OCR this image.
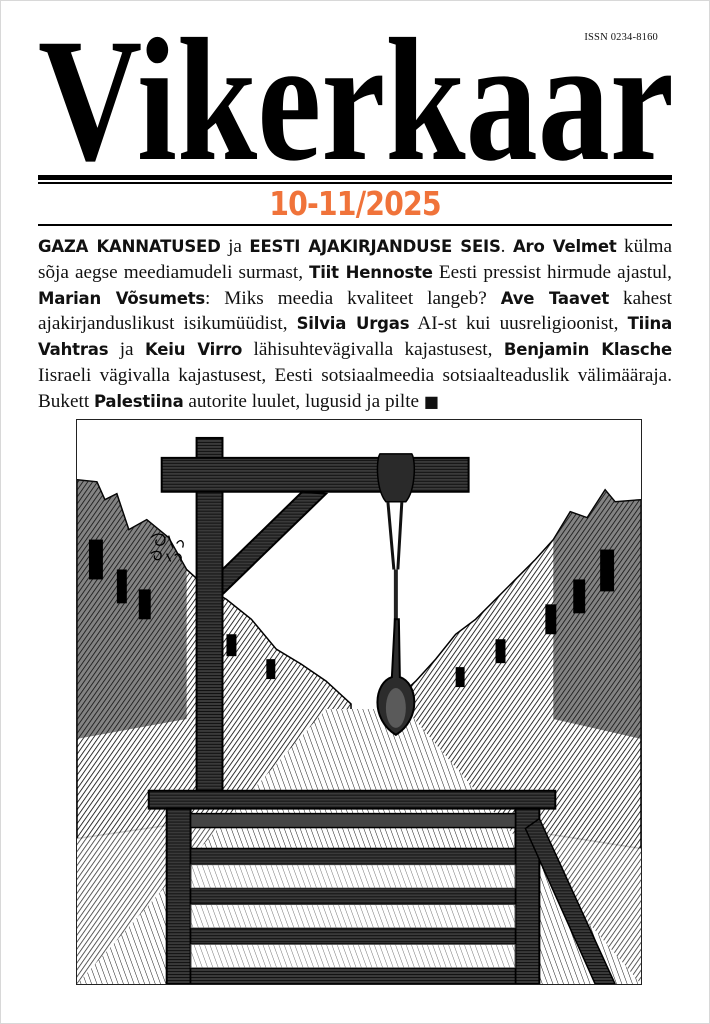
ISSN 0234-8160
Vikerkaar
10-11/2025
GAZA KANNATUSED ja EESTI AJAKIRJANDUSE SEIS. Aro Velmet külma sõja aegse meediamudeli surmast, Tiit Hennoste Eesti pressist hirmude ajastul, Marian Võsumets: Miks meedia kvaliteet langeb? Ave Taavet kahest ajakirjanduslikust isikumüüdist, Silvia Urgas AI-st kui uusreligioonist, Tiina Vahtras ja Keiu Virro lähisuhtevägivalla kajastusest, Benjamin Klasche Iisraeli vägivalla kajastusest, Eesti sotsiaalmeedia sotsiaalteaduslik välimääraja. Bukett Palestiina autorite luulet, lugusid ja pilte ■
